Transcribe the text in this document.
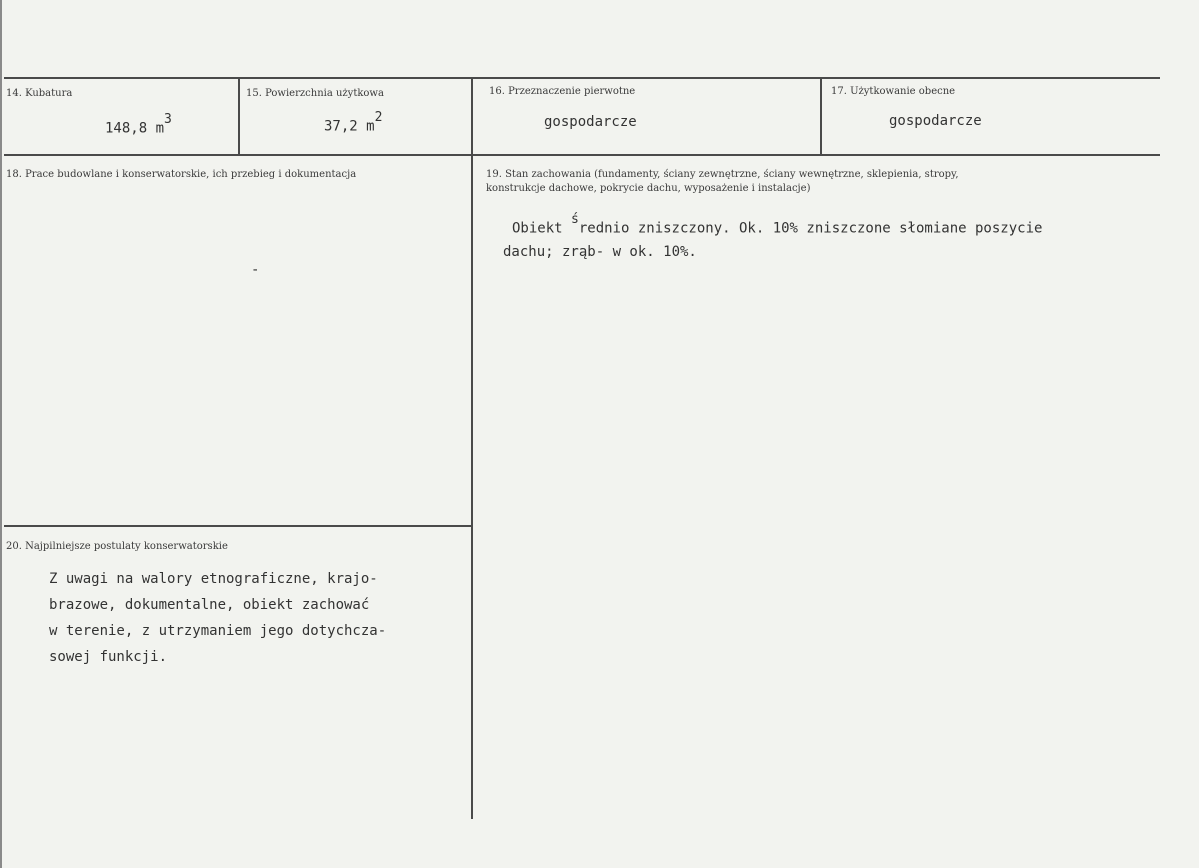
14. Kubatura
148,8 $m^3$
15. Powierzchnia użytkowa
37,2 $m^2$
16. Przeznaczenie pierwotne
gospodarcze
17. Użytkowanie obecne
gospodarcze
18. Prace budowlane i konserwatorskie, ich przebieg i dokumentacja
-
19. Stan zachowania (fundamenty, ściany zewnętrzne, ściany wewnętrzne, sklepienia, stropy,
konstrukcje dachowe, pokrycie dachu, wyposażenie i instalacje)
Obiekt $^ś$rednio zniszczony. Ok. 10% zniszczone słomiane poszycie
dachu; zrąb- w ok. 10%.
20. Najpilniejsze postulaty konserwatorskie
Z uwagi na walory etnograficzne, krajo-
brazowe, dokumentalne, obiekt zachować
w terenie, z utrzymaniem jego dotychcza-
sowej funkcji.
